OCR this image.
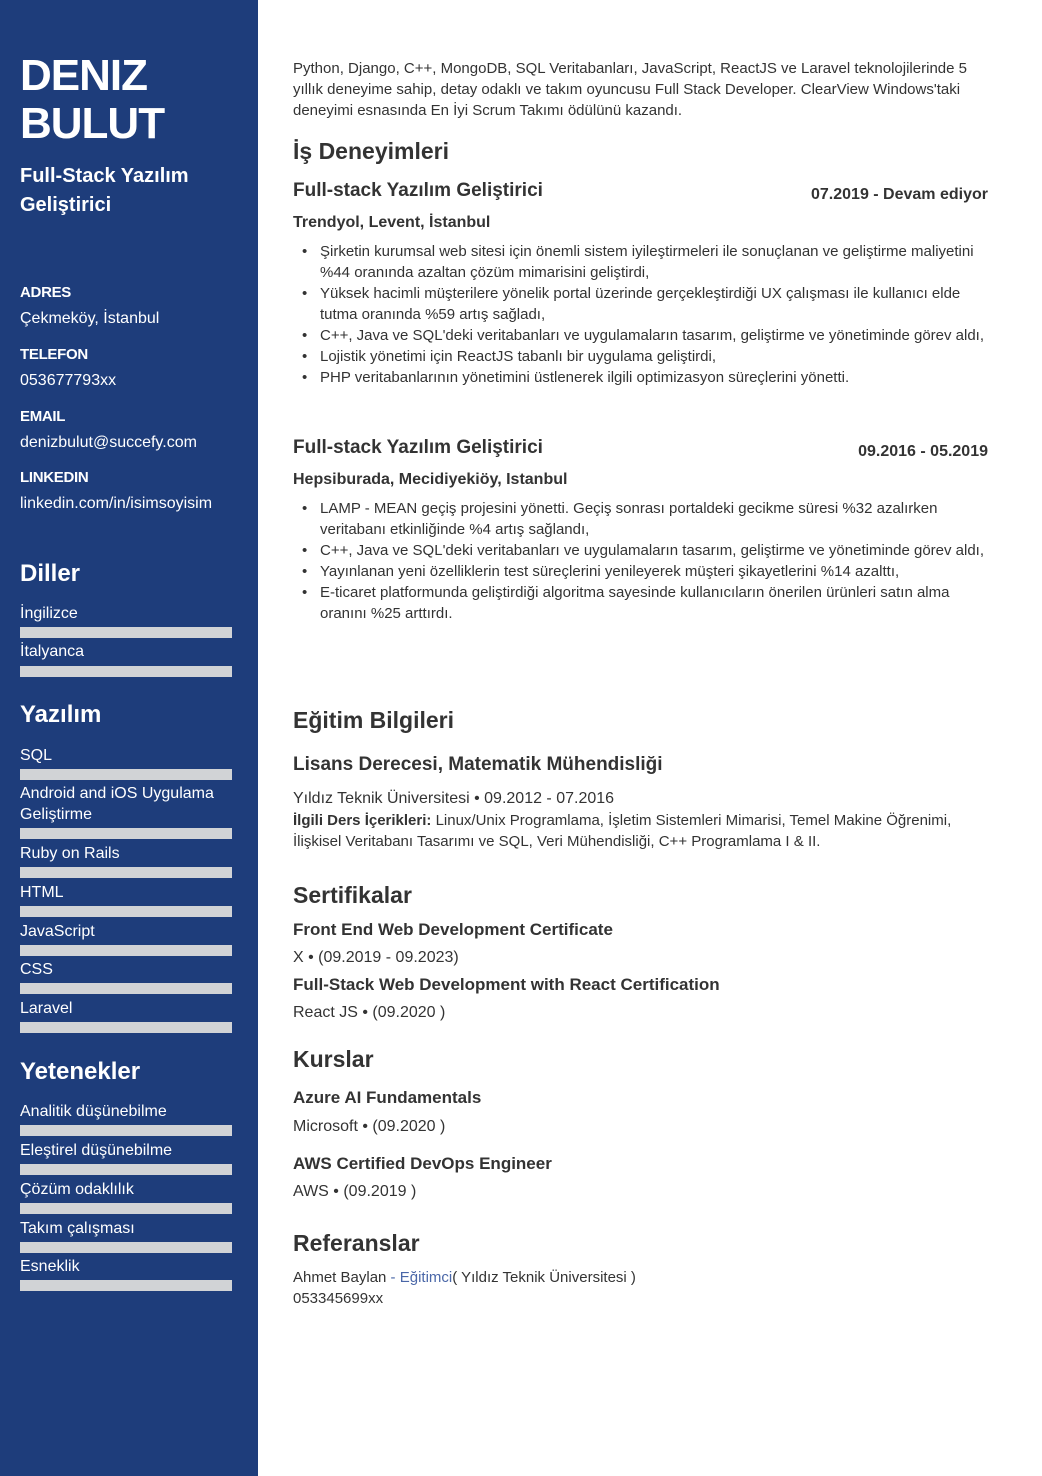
DENIZ
BULUT
Full-Stack Yazılım Geliştirici
ADRES
Çekmeköy, İstanbul
TELEFON
053677793xx
EMAIL
denizbulut@succefy.com
LINKEDIN
linkedin.com/in/isimsoyisim
Diller
İngilizce
İtalyanca
Yazılım
SQL
Android and iOS Uygulama Geliştirme
Ruby on Rails
HTML
JavaScript
CSS
Laravel
Yetenekler
Analitik düşünebilme
Eleştirel düşünebilme
Çözüm odaklılık
Takım çalışması
Esneklik
Python, Django, C++, MongoDB, SQL Veritabanları, JavaScript, ReactJS ve Laravel teknolojilerinde 5 yıllık deneyime sahip, detay odaklı ve takım oyuncusu Full Stack Developer. ClearView Windows'taki deneyimi esnasında En İyi Scrum Takımı ödülünü kazandı.
İş Deneyimleri
Full-stack Yazılım Geliştirici	07.2019 - Devam ediyor
Trendyol, Levent, İstanbul
• Şirketin kurumsal web sitesi için önemli sistem iyileştirmeleri ile sonuçlanan ve geliştirme maliyetini %44 oranında azaltan çözüm mimarisini geliştirdi,
• Yüksek hacimli müşterilere yönelik portal üzerinde gerçekleştirdiği UX çalışması ile kullanıcı elde tutma oranında %59 artış sağladı,
• C++, Java ve SQL'deki veritabanları ve uygulamaların tasarım, geliştirme ve yönetiminde görev aldı,
• Lojistik yönetimi için ReactJS tabanlı bir uygulama geliştirdi,
• PHP veritabanlarının yönetimini üstlenerek ilgili optimizasyon süreçlerini yönetti.
Full-stack Yazılım Geliştirici	09.2016 - 05.2019
Hepsiburada, Mecidiyekiöy, Istanbul
• LAMP - MEAN geçiş projesini yönetti. Geçiş sonrası portaldeki gecikme süresi %32 azalırken veritabanı etkinliğinde %4 artış sağlandı,
• C++, Java ve SQL'deki veritabanları ve uygulamaların tasarım, geliştirme ve yönetiminde görev aldı,
• Yayınlanan yeni özelliklerin test süreçlerini yenileyerek müşteri şikayetlerini %14 azalttı,
• E-ticaret platformunda geliştirdiği algoritma sayesinde kullanıcıların önerilen ürünleri satın alma oranını %25 arttırdı.
Eğitim Bilgileri
Lisans Derecesi, Matematik Mühendisliği
Yıldız Teknik Üniversitesi • 09.2012 - 07.2016
İlgili Ders İçerikleri: Linux/Unix Programlama, İşletim Sistemleri Mimarisi, Temel Makine Öğrenimi, İlişkisel Veritabanı Tasarımı ve SQL, Veri Mühendisliği, C++ Programlama I & II.
Sertifikalar
Front End Web Development Certificate
X • (09.2019 - 09.2023)
Full-Stack Web Development with React Certification
React JS • (09.2020 )
Kurslar
Azure AI Fundamentals
Microsoft • (09.2020 )
AWS Certified DevOps Engineer
AWS • (09.2019 )
Referanslar
Ahmet Baylan - Eğitimci( Yıldız Teknik Üniversitesi )
053345699xx
